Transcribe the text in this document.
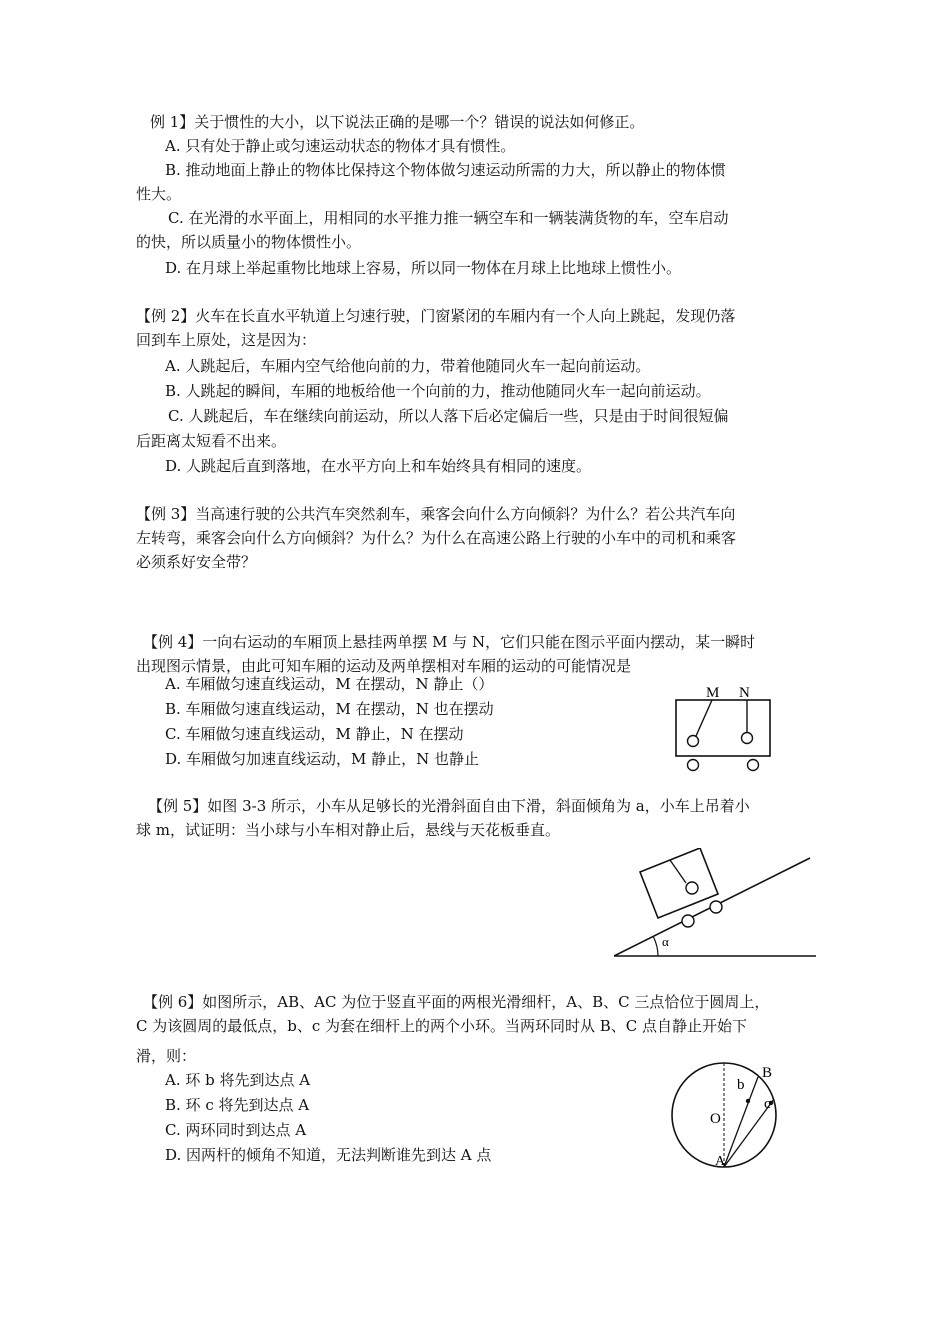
例 1】关于惯性的大小，以下说法正确的是哪一个？错误的说法如何修正。
A. 只有处于静止或匀速运动状态的物体才具有惯性。
B. 推动地面上静止的物体比保持这个物体做匀速运动所需的力大，所以静止的物体惯
性大。
C. 在光滑的水平面上，用相同的水平推力推一辆空车和一辆装满货物的车，空车启动
的快，所以质量小的物体惯性小。
D. 在月球上举起重物比地球上容易，所以同一物体在月球上比地球上惯性小。
【例 2】火车在长直水平轨道上匀速行驶，门窗紧闭的车厢内有一个人向上跳起，发现仍落
回到车上原处，这是因为：
A. 人跳起后，车厢内空气给他向前的力，带着他随同火车一起向前运动。
B. 人跳起的瞬间，车厢的地板给他一个向前的力，推动他随同火车一起向前运动。
C. 人跳起后，车在继续向前运动，所以人落下后必定偏后一些，只是由于时间很短偏
后距离太短看不出来。
D. 人跳起后直到落地，在水平方向上和车始终具有相同的速度。
【例 3】当高速行驶的公共汽车突然刹车，乘客会向什么方向倾斜？为什么？若公共汽车向
左转弯，乘客会向什么方向倾斜？为什么？为什么在高速公路上行驶的小车中的司机和乘客
必须系好安全带？
【例 4】一向右运动的车厢顶上悬挂两单摆 M 与 N，它们只能在图示平面内摆动，某一瞬时
出现图示情景，由此可知车厢的运动及两单摆相对车厢的运动的可能情况是
A. 车厢做匀速直线运动，M 在摆动，N 静止（）
B. 车厢做匀速直线运动，M 在摆动，N 也在摆动
C. 车厢做匀速直线运动，M 静止，N 在摆动
D. 车厢做匀加速直线运动，M 静止，N 也静止
M N
【例 5】如图 3-3 所示，小车从足够长的光滑斜面自由下滑，斜面倾角为 a，小车上吊着小
球 m，试证明：当小球与小车相对静止后，悬线与天花板垂直。
α
【例 6】如图所示，AB、AC 为位于竖直平面的两根光滑细杆，A、B、C 三点恰位于圆周上，
C 为该圆周的最低点，b、c 为套在细杆上的两个小环。当两环同时从 B、C 点自静止开始下
滑，则：
A. 环 b 将先到达点 A
B. 环 c 将先到达点 A
C. 两环同时到达点 A
D. 因两杆的倾角不知道，无法判断谁先到达 A 点
B
b
c
O
A
